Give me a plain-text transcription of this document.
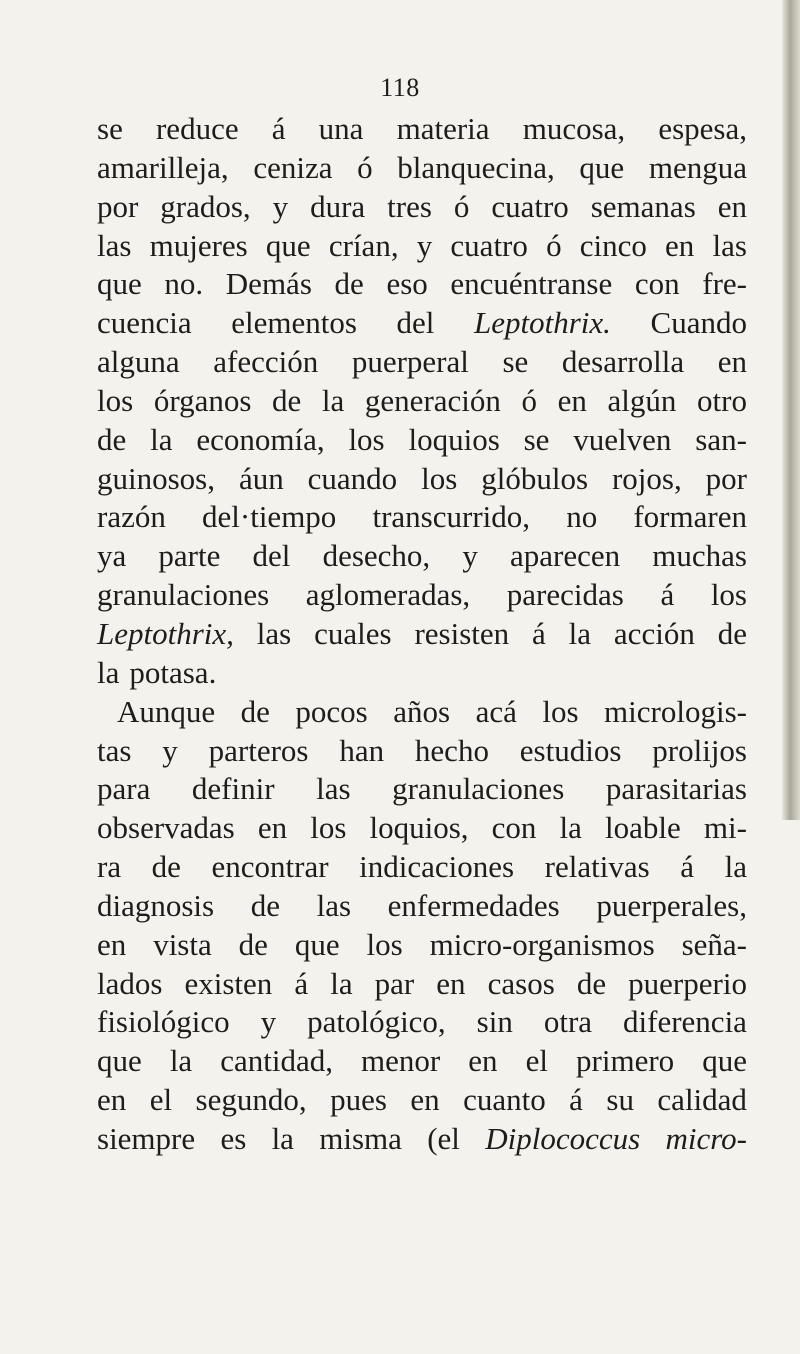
118
se reduce á una materia mucosa, espesa,
amarilleja, ceniza ó blanquecina, que mengua
por grados, y dura tres ó cuatro semanas en
las mujeres que crían, y cuatro ó cinco en las
que no. Demás de eso encuéntranse con fre-
cuencia elementos del Leptothrix. Cuando
alguna afección puerperal se desarrolla en
los órganos de la generación ó en algún otro
de la economía, los loquios se vuelven san-
guinosos, áun cuando los glóbulos rojos, por
razón del·tiempo transcurrido, no formaren
ya parte del desecho, y aparecen muchas
granulaciones aglomeradas, parecidas á los
Leptothrix, las cuales resisten á la acción de
la potasa.
Aunque de pocos años acá los micrologis-
tas y parteros han hecho estudios prolijos
para definir las granulaciones parasitarias
observadas en los loquios, con la loable mi-
ra de encontrar indicaciones relativas á la
diagnosis de las enfermedades puerperales,
en vista de que los micro-organismos seña-
lados existen á la par en casos de puerperio
fisiológico y patológico, sin otra diferencia
que la cantidad, menor en el primero que
en el segundo, pues en cuanto á su calidad
siempre es la misma (el Diplococcus micro-
